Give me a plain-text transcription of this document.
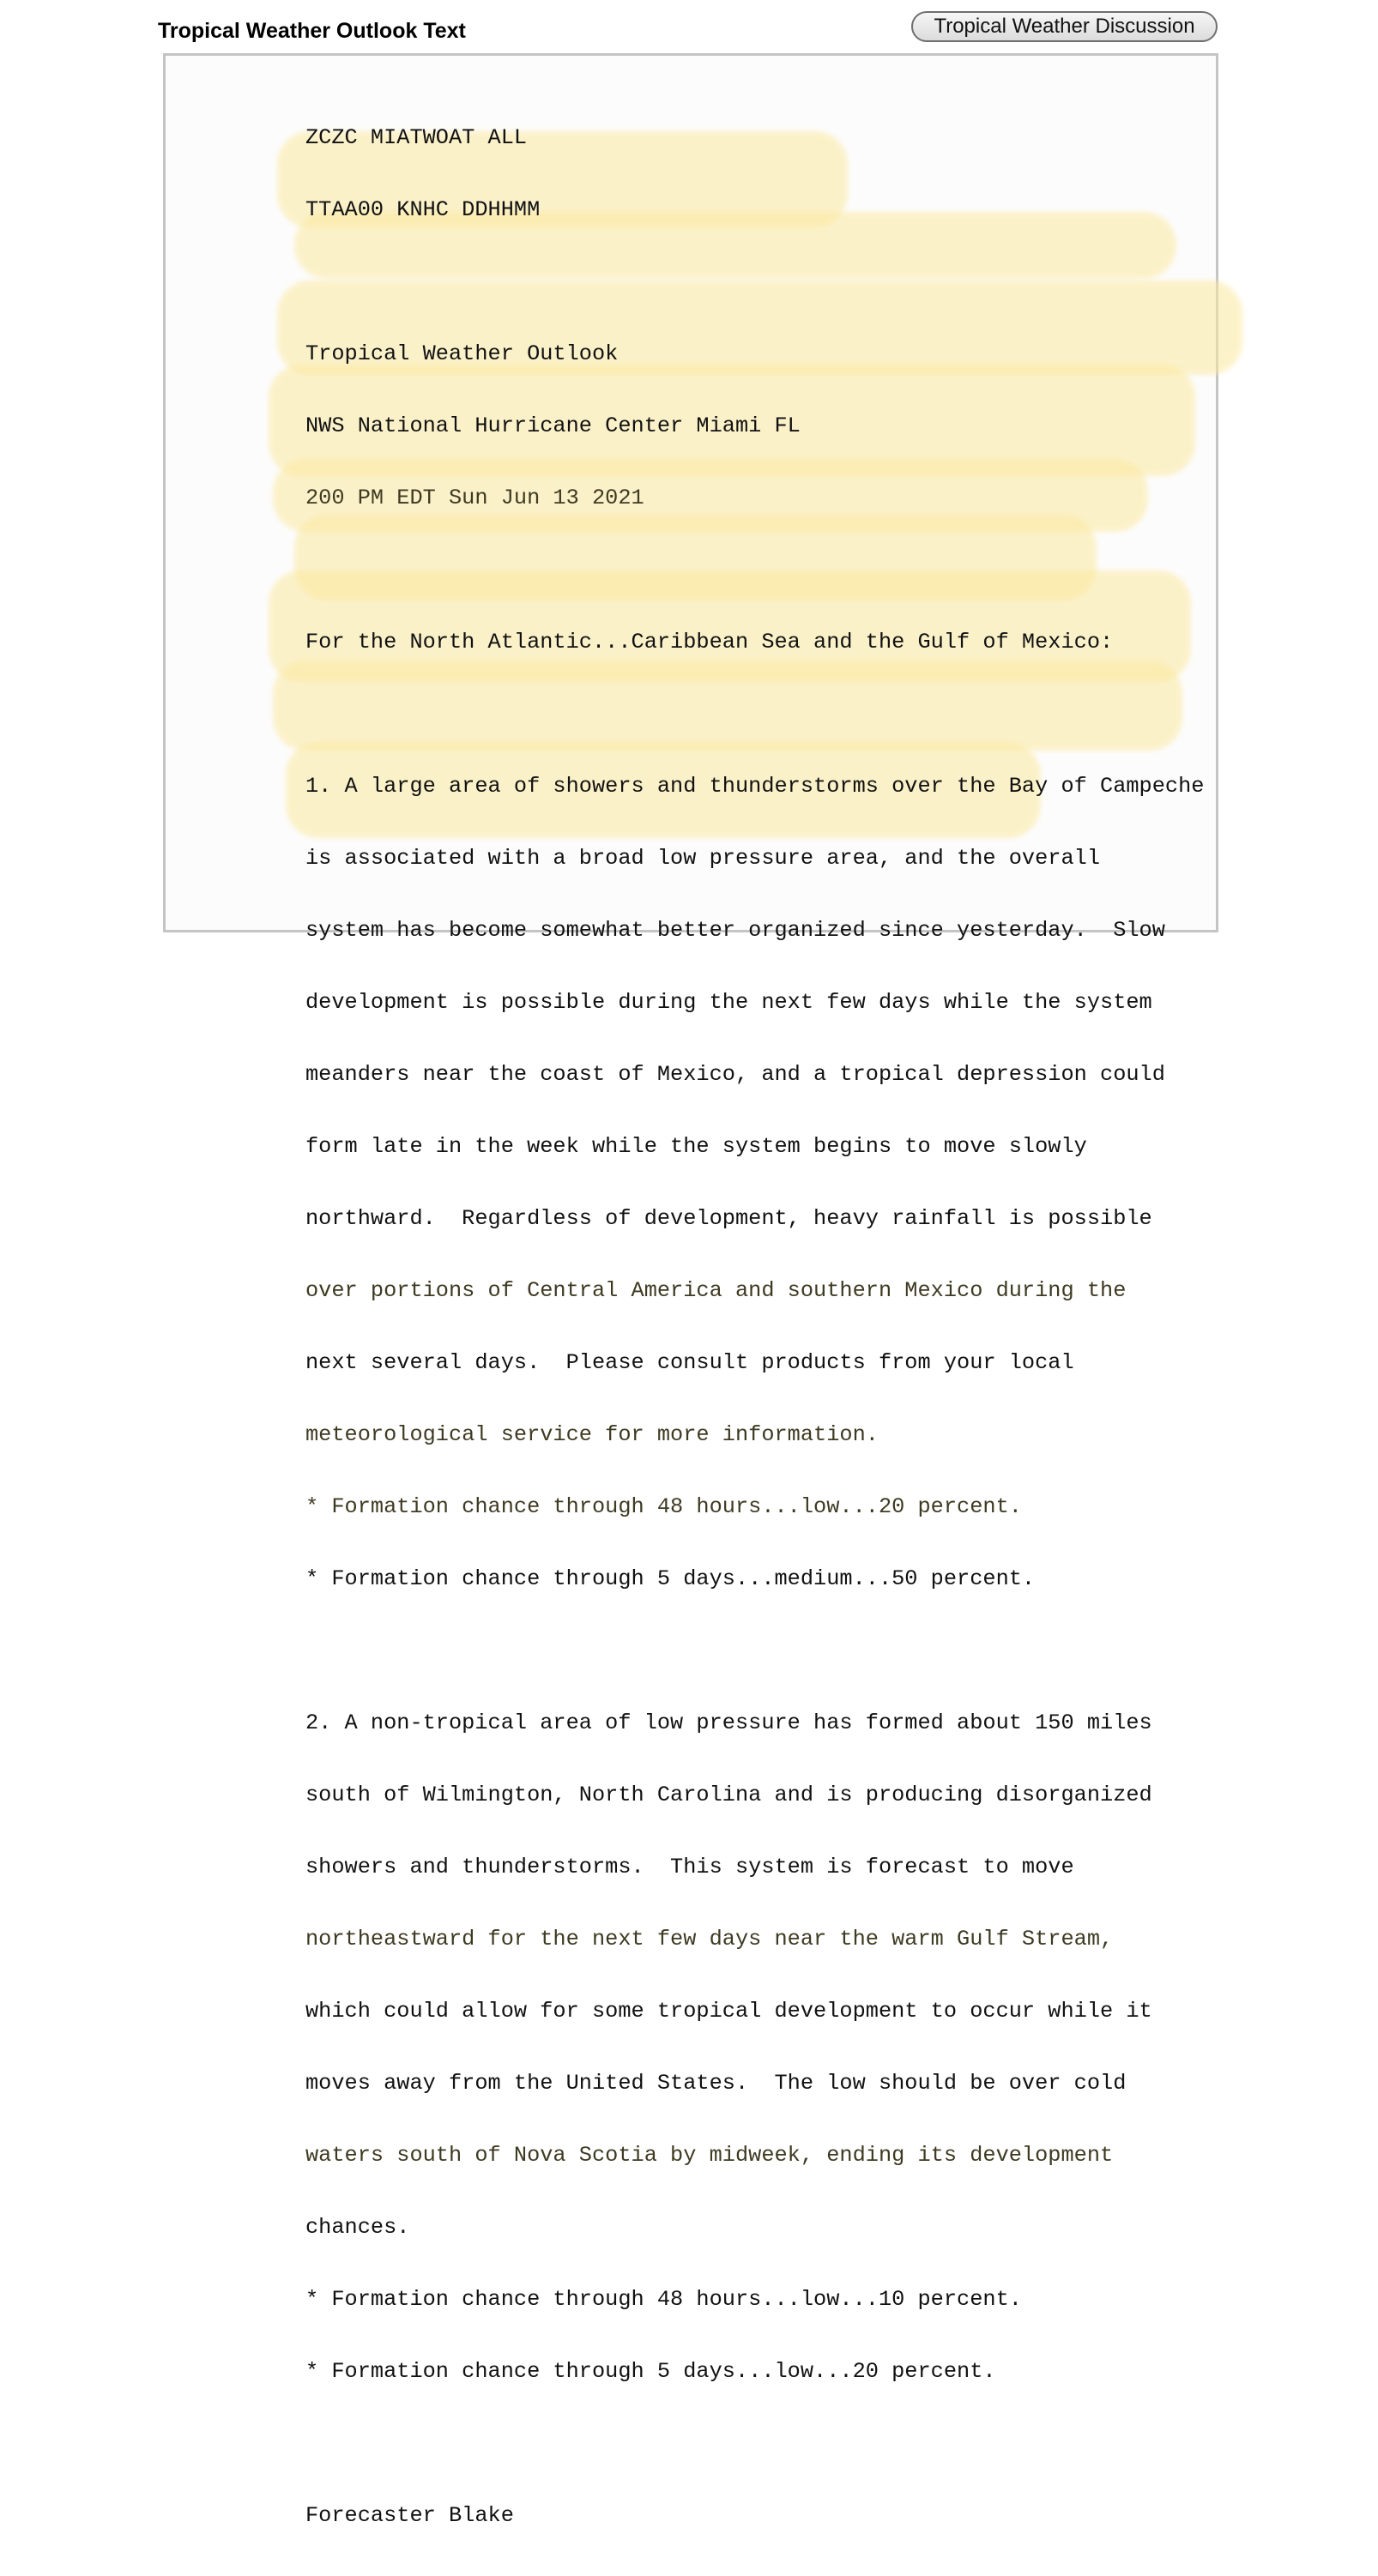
Tropical Weather Outlook Text	Tropical Weather Discussion

ZCZC MIATWOAT ALL

TTAA00 KNHC DDHHMM

Tropical Weather Outlook

NWS National Hurricane Center Miami FL

200 PM EDT Sun Jun 13 2021

For the North Atlantic...Caribbean Sea and the Gulf of Mexico:

1. A large area of showers and thunderstorms over the Bay of Campeche

is associated with a broad low pressure area, and the overall

system has become somewhat better organized since yesterday.  Slow

development is possible during the next few days while the system

meanders near the coast of Mexico, and a tropical depression could

form late in the week while the system begins to move slowly

northward.  Regardless of development, heavy rainfall is possible

over portions of Central America and southern Mexico during the

next several days.  Please consult products from your local

meteorological service for more information.

* Formation chance through 48 hours...low...20 percent.

* Formation chance through 5 days...medium...50 percent.

2. A non-tropical area of low pressure has formed about 150 miles

south of Wilmington, North Carolina and is producing disorganized

showers and thunderstorms.  This system is forecast to move

northeastward for the next few days near the warm Gulf Stream,

which could allow for some tropical development to occur while it

moves away from the United States.  The low should be over cold

waters south of Nova Scotia by midweek, ending its development

chances.

* Formation chance through 48 hours...low...10 percent.

* Formation chance through 5 days...low...20 percent.

Forecaster Blake
